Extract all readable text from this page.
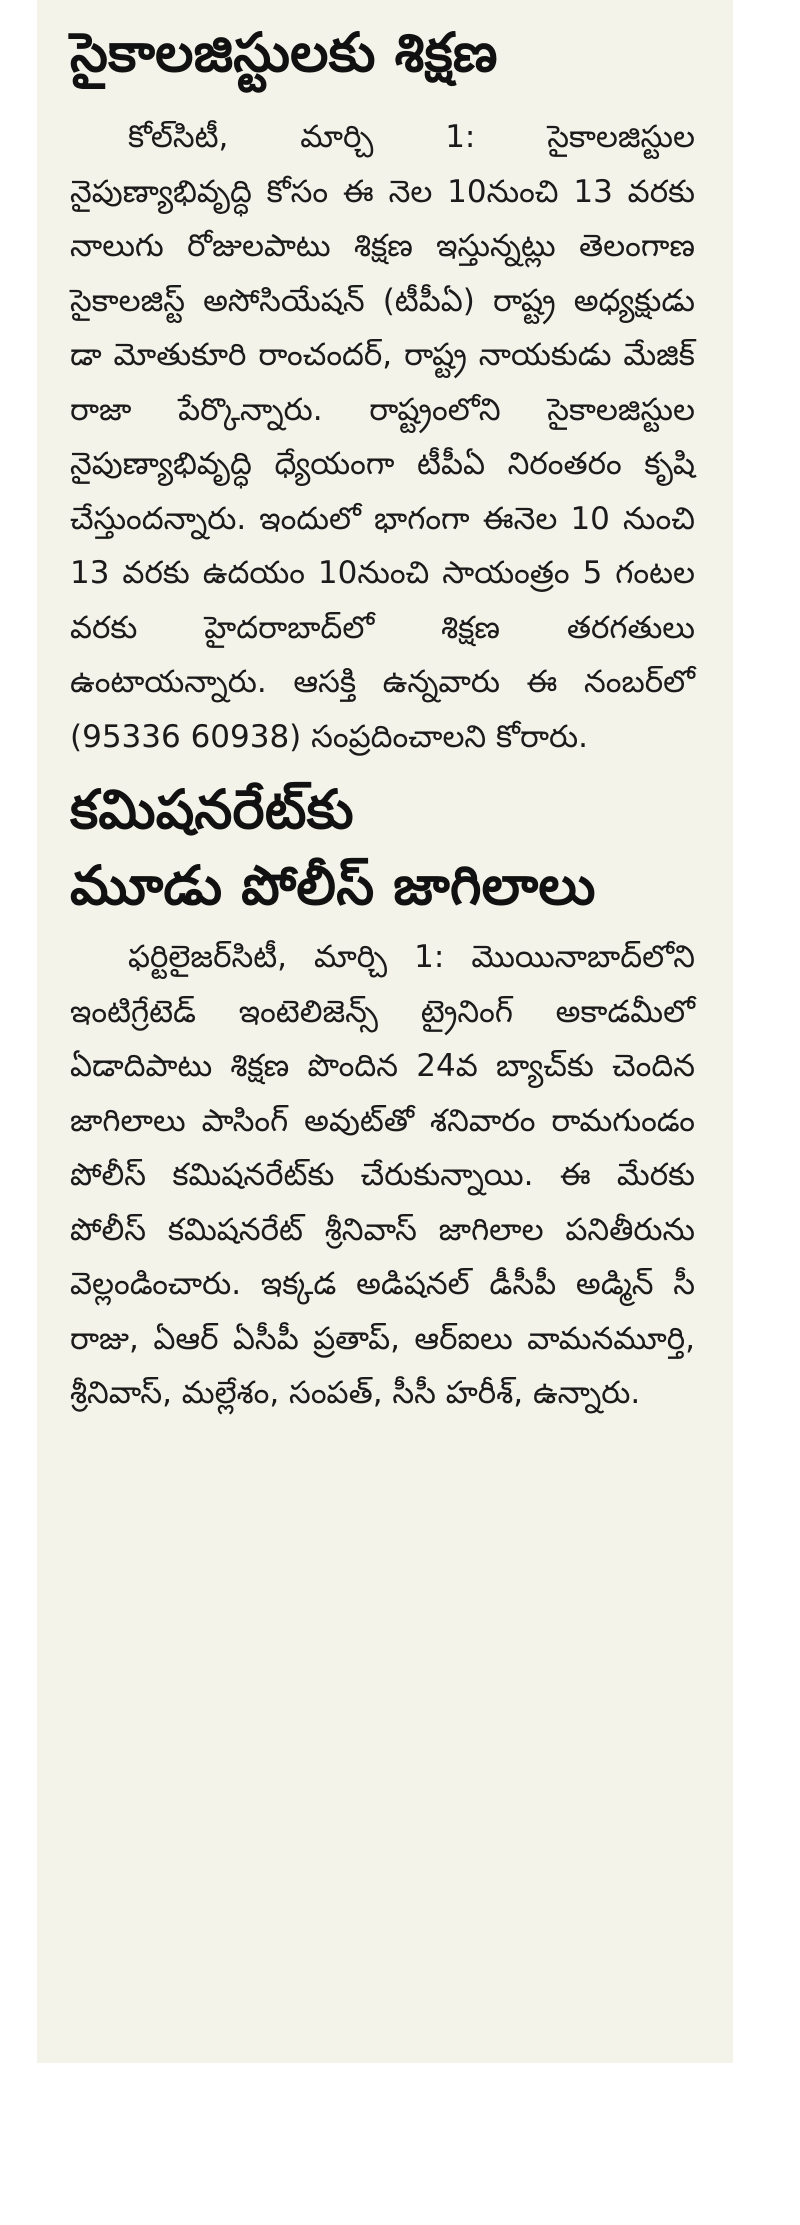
సైకాలజిస్టులకు శిక్షణ

కోల్‌సిటీ, మార్చి 1: సైకాలజిస్టుల నైపుణ్యాభివృద్ధి కోసం ఈ నెల 10నుంచి 13 వరకు నాలుగు రోజులపాటు శిక్షణ ఇస్తున్నట్లు తెలంగాణ సైకాలజిస్ట్‌ అసోసియేషన్‌ (టీపీఏ) రాష్ట్ర అధ్యక్షుడు డా మోతుకూరి రాంచందర్‌, రాష్ట్ర నాయకుడు మేజిక్‌ రాజా పేర్కొన్నారు. రాష్ట్రంలోని సైకాలజిస్టుల నైపుణ్యాభివృద్ధి ధ్యేయంగా టీపీఏ నిరంతరం కృషి చేస్తుందన్నారు. ఇందులో భాగంగా ఈనెల 10 నుంచి 13 వరకు ఉదయం 10నుంచి సాయంత్రం 5 గంటల వరకు హైదరాబాద్‌లో శిక్షణ తరగతులు ఉంటాయన్నారు. ఆసక్తి ఉన్నవారు ఈ నంబర్‌లో (95336 60938) సంప్రదించాలని కోరారు.

కమిషనరేట్‌కు
మూడు పోలీస్‌ జాగిలాలు

ఫర్టిలైజర్‌సిటీ, మార్చి 1: మొయినాబాద్‌లోని ఇంటిగ్రేటెడ్‌ ఇంటెలిజెన్స్‌ ట్రైనింగ్‌ అకాడమీలో ఏడాదిపాటు శిక్షణ పొందిన 24వ బ్యాచ్‌కు చెందిన జాగిలాలు పాసింగ్‌ అవుట్‌తో శనివారం రామగుండం పోలీస్‌ కమిషనరేట్‌కు చేరుకున్నాయి. ఈ మేరకు పోలీస్‌ కమిషనరేట్‌ శ్రీనివాస్‌ జాగిలాల పనితీరును వెల్లండించారు. ఇక్కడ అడిషనల్‌ డీసీపీ అడ్మిన్‌ సీ రాజు, ఏఆర్‌ ఏసీపీ ప్రతాప్‌, ఆర్‌ఐలు వామనమూర్తి, శ్రీనివాస్‌, మల్లేశం, సంపత్‌, సీసీ హరీశ్‌, ఉన్నారు.
